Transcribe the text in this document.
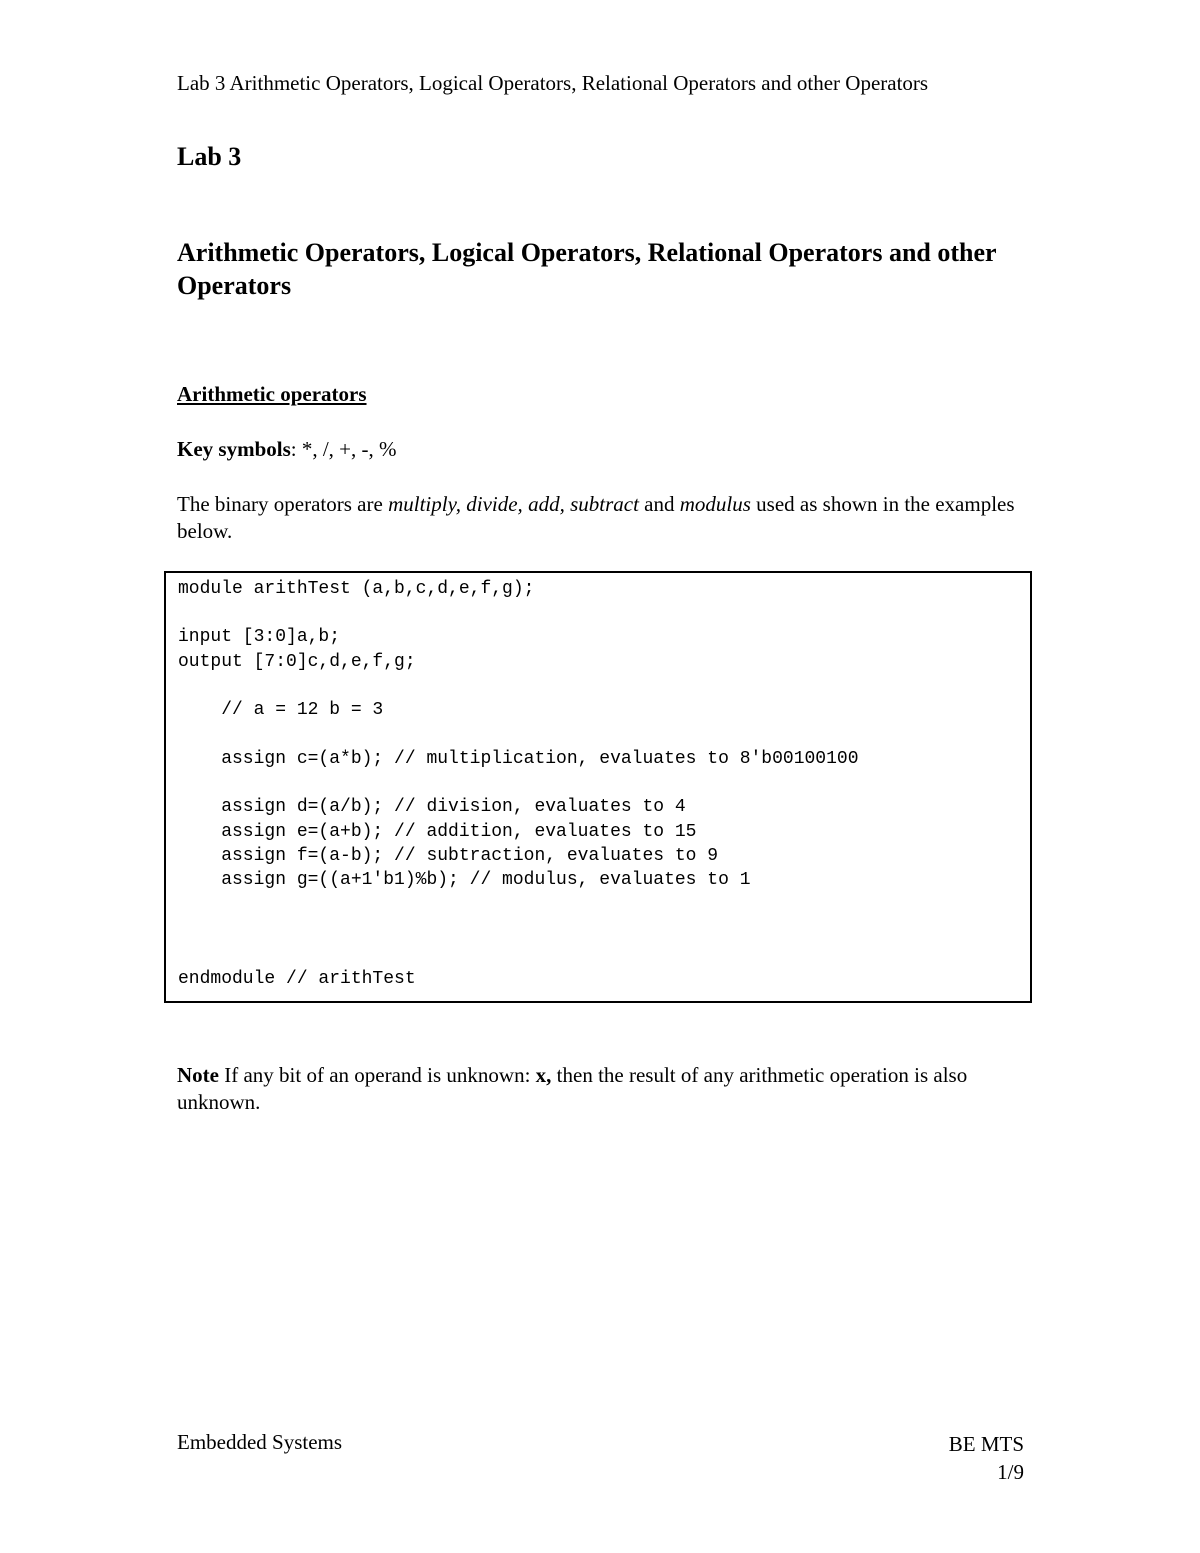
Lab 3 Arithmetic Operators, Logical Operators, Relational Operators and other Operators
Lab 3
Arithmetic Operators, Logical Operators, Relational Operators and other Operators
Arithmetic operators
Key symbols: *, /, +, -, %
The binary operators are multiply, divide, add, subtract and modulus used as shown in the examples below.
module arithTest (a,b,c,d,e,f,g);
input [3:0]a,b;
output [7:0]c,d,e,f,g;
// a = 12 b = 3
assign c=(a*b); // multiplication, evaluates to 8'b00100100
assign d=(a/b); // division, evaluates to 4
assign e=(a+b); // addition, evaluates to 15
assign f=(a-b); // subtraction, evaluates to 9
assign g=((a+1'b1)%b); // modulus, evaluates to 1
endmodule // arithTest
Note If any bit of an operand is unknown: x, then the result of any arithmetic operation is also unknown.
Embedded Systems	BE MTS
1/9
